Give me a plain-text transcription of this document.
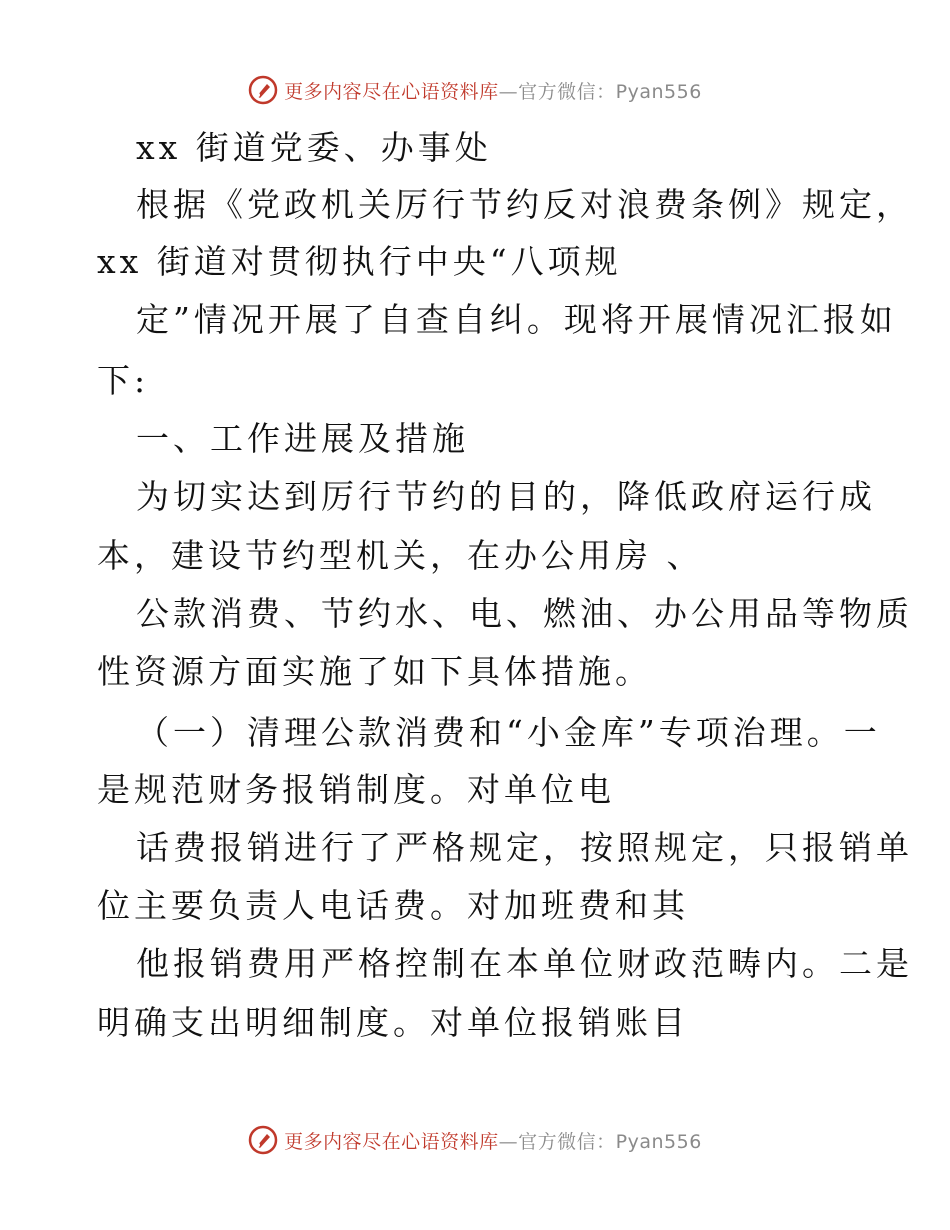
更多内容尽在心语资料库—官方微信：Pyan556
xx 街道党委、办事处
根据《党政机关厉行节约反对浪费条例》规定，
xx 街道对贯彻执行中央“八项规
定”情况开展了自查自纠。现将开展情况汇报如
下:
一、工作进展及措施
为切实达到厉行节约的目的，降低政府运行成
本，建设节约型机关，在办公用房 、
公款消费、节约水、电、燃油、办公用品等物质
性资源方面实施了如下具体措施。
（一）清理公款消费和“小金库”专项治理。一
是规范财务报销制度。对单位电
话费报销进行了严格规定，按照规定，只报销单
位主要负责人电话费。对加班费和其
他报销费用严格控制在本单位财政范畴内。二是
明确支出明细制度。对单位报销账目
更多内容尽在心语资料库—官方微信：Pyan556
